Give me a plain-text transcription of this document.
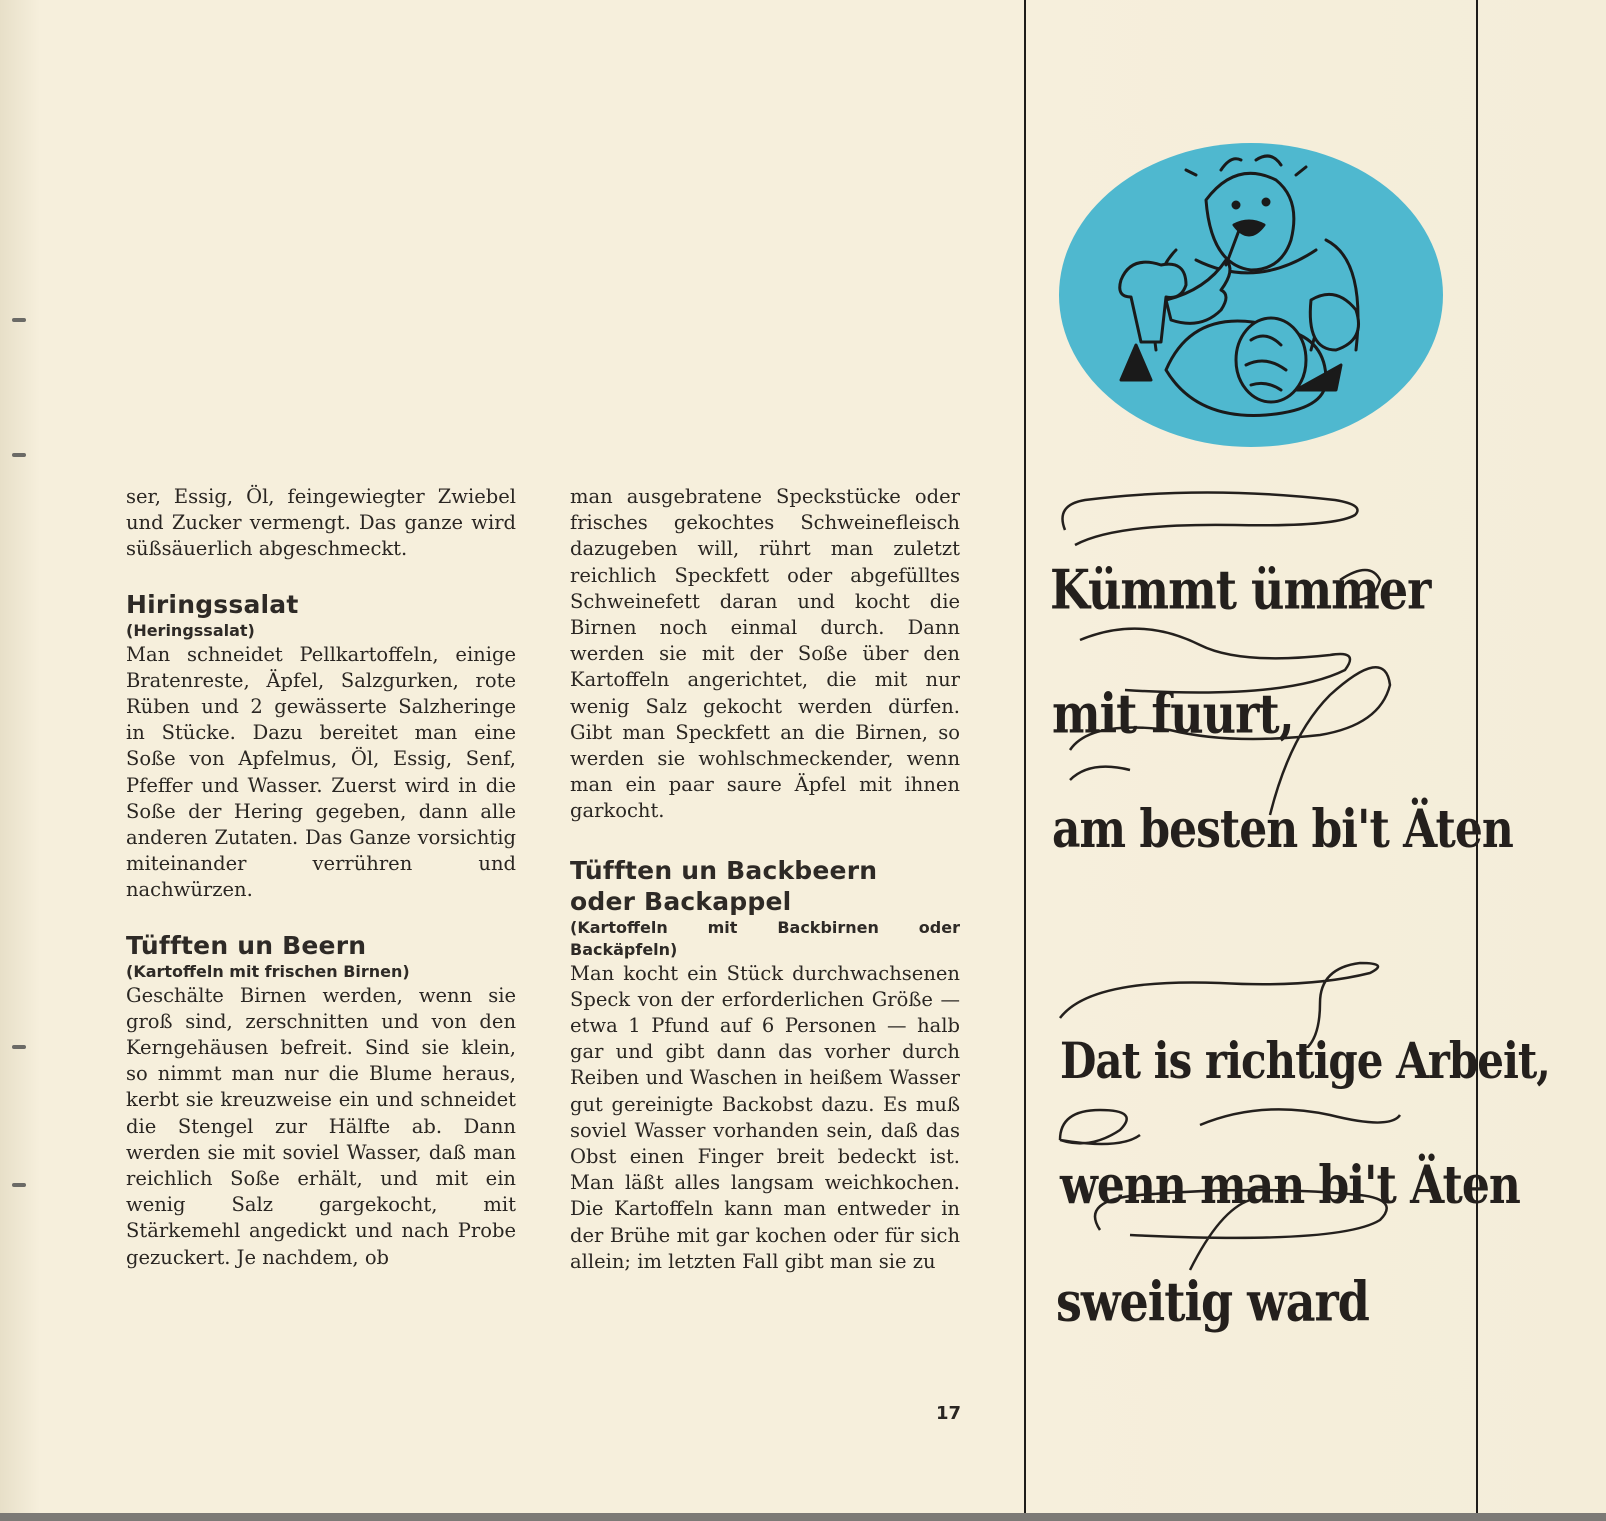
ser, Essig, Öl, feingewiegter Zwiebel und Zucker vermengt. Das ganze wird süßsäuerlich abgeschmeckt.

Hiringssalat
(Heringssalat)

Man schneidet Pellkartoffeln, einige Bratenreste, Äpfel, Salzgurken, rote Rüben und 2 gewässerte Salzheringe in Stücke. Dazu bereitet man eine Soße von Apfelmus, Öl, Essig, Senf, Pfeffer und Wasser. Zuerst wird in die Soße der Hering gegeben, dann alle anderen Zutaten. Das Ganze vorsichtig miteinander verrühren und nachwürzen.

Tüfften un Beern
(Kartoffeln mit frischen Birnen)

Geschälte Birnen werden, wenn sie groß sind, zerschnitten und von den Kerngehäusen befreit. Sind sie klein, so nimmt man nur die Blume heraus, kerbt sie kreuzweise ein und schneidet die Stengel zur Hälfte ab. Dann werden sie mit soviel Wasser, daß man reichlich Soße erhält, und mit ein wenig Salz gargekocht, mit Stärkemehl angedickt und nach Probe gezuckert. Je nachdem, ob

man ausgebratene Speckstücke oder frisches gekochtes Schweinefleisch dazugeben will, rührt man zuletzt reichlich Speckfett oder abgefülltes Schweinefett daran und kocht die Birnen noch einmal durch. Dann werden sie mit der Soße über den Kartoffeln angerichtet, die mit nur wenig Salz gekocht werden dürfen. Gibt man Speckfett an die Birnen, so werden sie wohlschmeckender, wenn man ein paar saure Äpfel mit ihnen garkocht.

Tüfften un Backbeern
oder Backappel
(Kartoffeln mit Backbirnen oder Backäpfeln)

Man kocht ein Stück durchwachsenen Speck von der erforderlichen Größe — etwa 1 Pfund auf 6 Personen — halb gar und gibt dann das vorher durch Reiben und Waschen in heißem Wasser gut gereinigte Backobst dazu. Es muß soviel Wasser vorhanden sein, daß das Obst einen Finger breit bedeckt ist. Man läßt alles langsam weichkochen. Die Kartoffeln kann man entweder in der Brühe mit gar kochen oder für sich allein; im letzten Fall gibt man sie zu

17
Kümmt ümmer
mit fuurt,
am besten bi't Äten
Dat is richtige Arbeit,
wenn man bi't Äten
sweitig ward
